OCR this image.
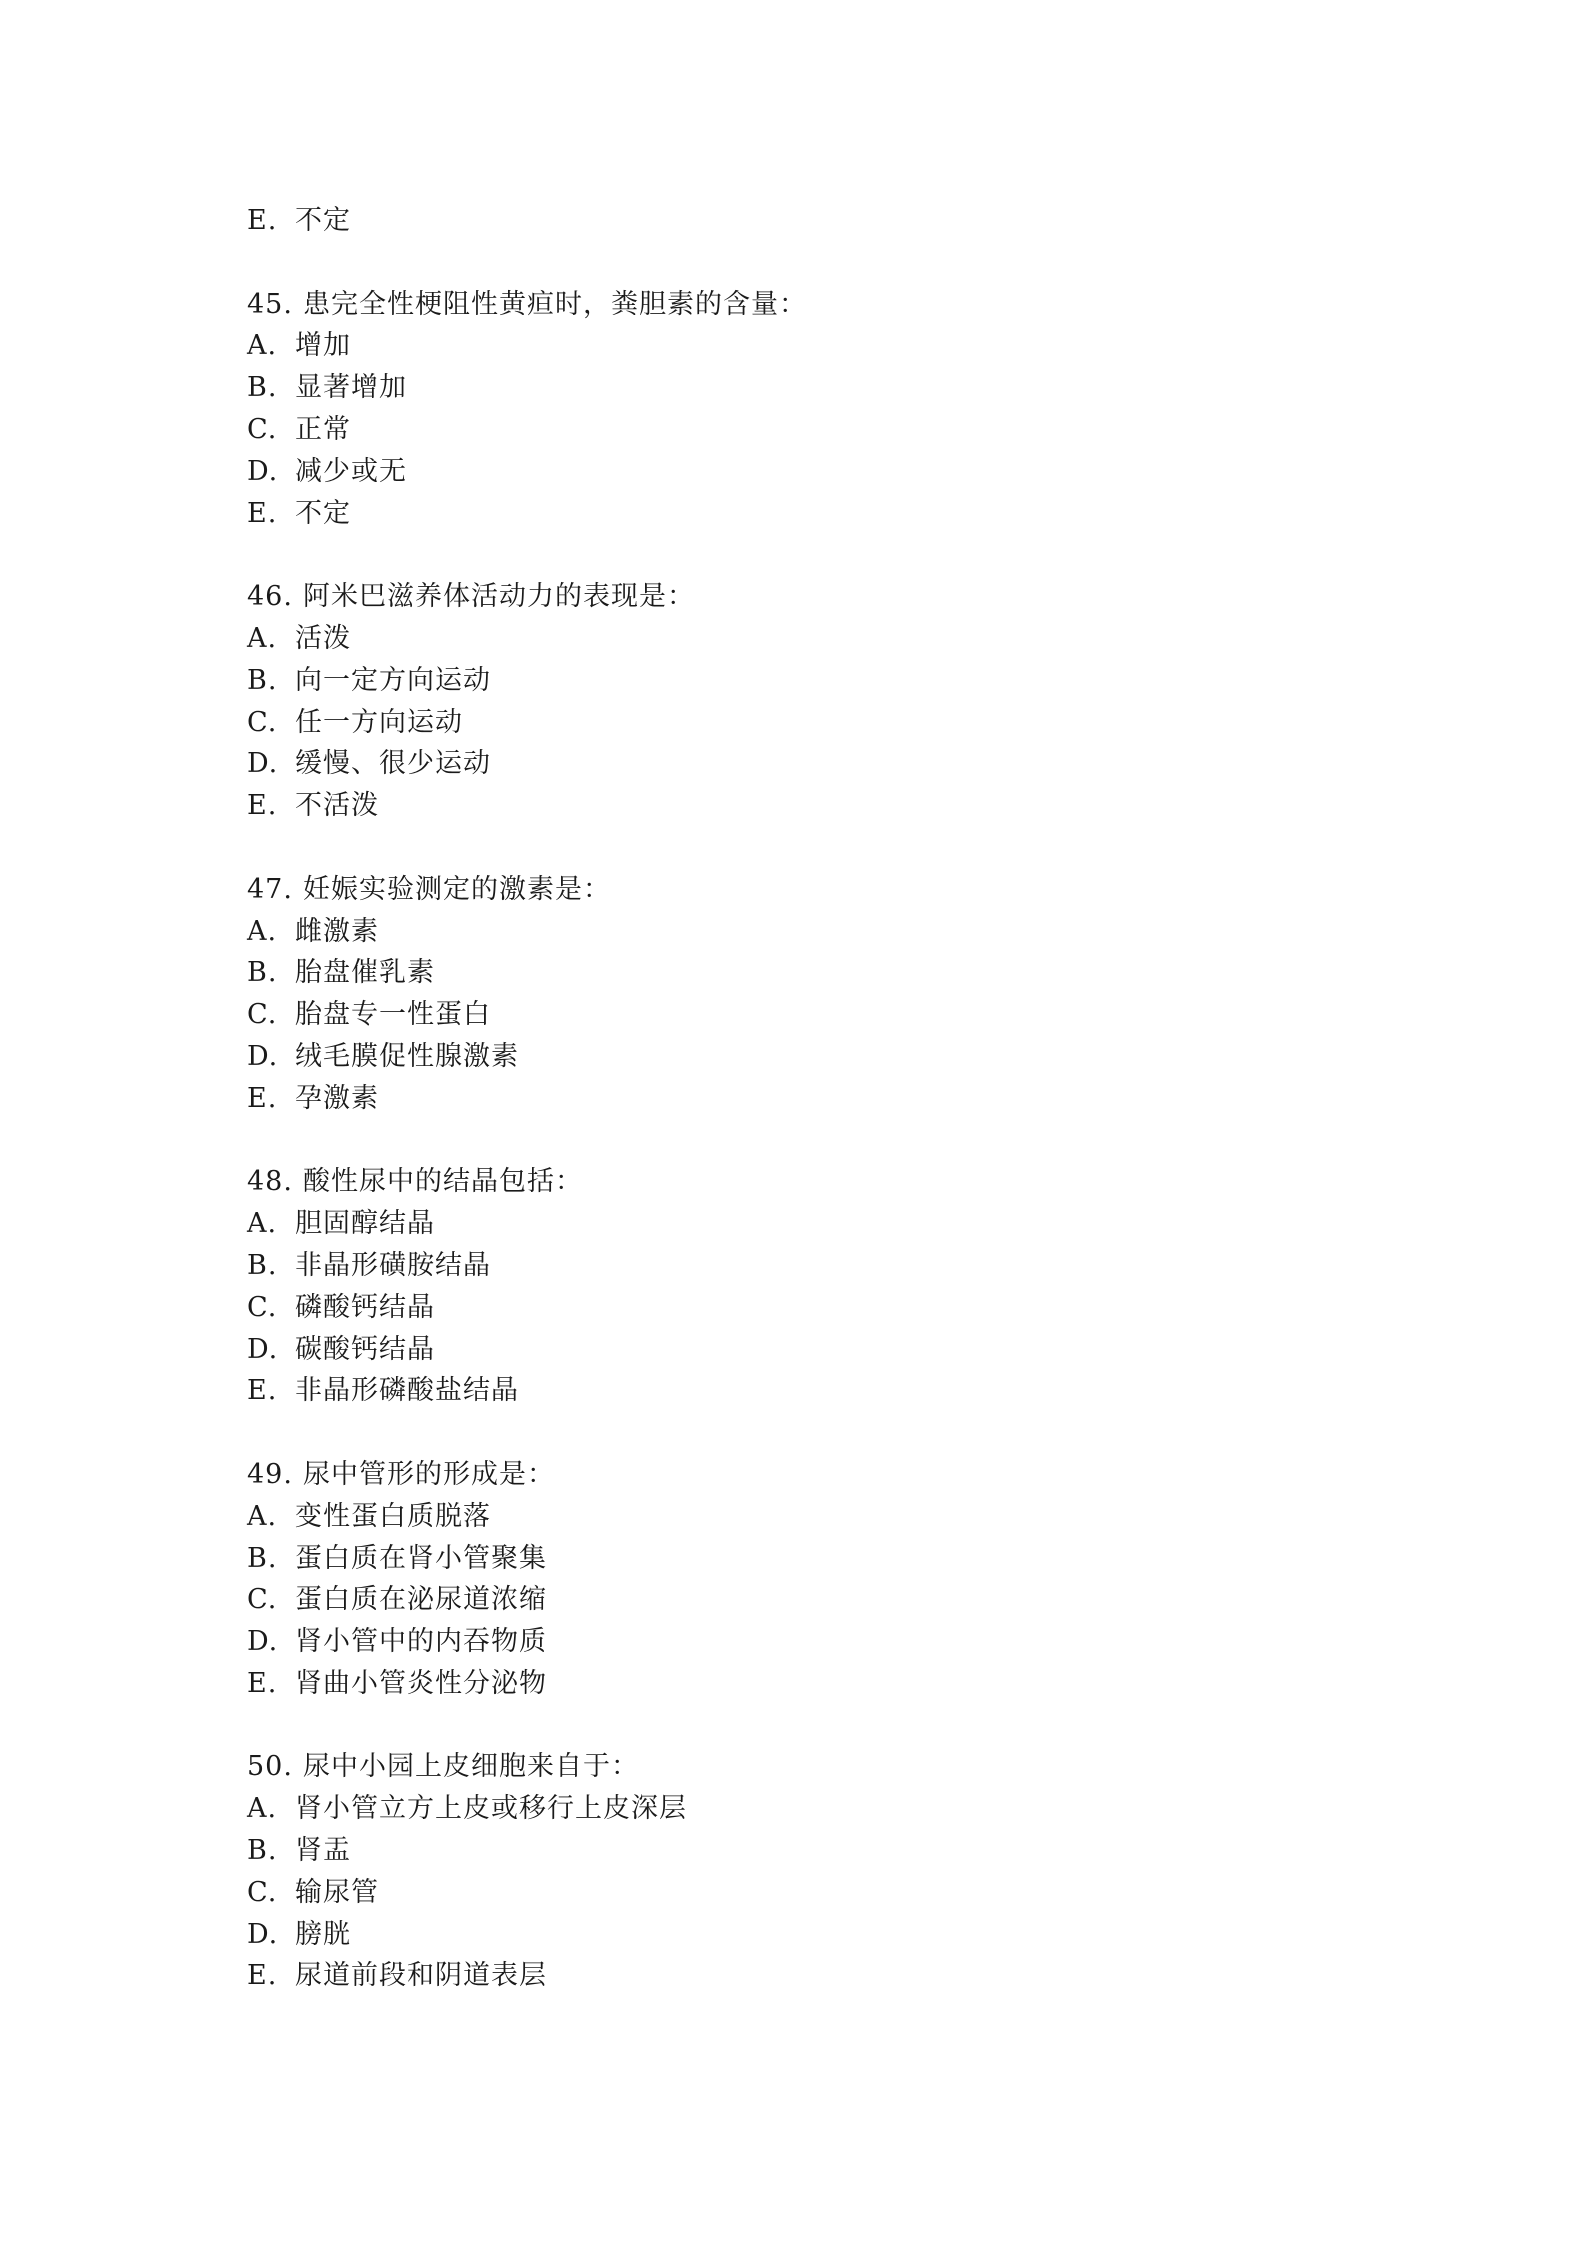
E. 不定
45. 患完全性梗阻性黄疸时，粪胆素的含量：
A. 增加
B. 显著增加
C. 正常
D. 减少或无
E. 不定
46. 阿米巴滋养体活动力的表现是：
A. 活泼
B. 向一定方向运动
C. 任一方向运动
D. 缓慢、很少运动
E. 不活泼
47. 妊娠实验测定的激素是：
A. 雌激素
B. 胎盘催乳素
C. 胎盘专一性蛋白
D. 绒毛膜促性腺激素
E. 孕激素
48. 酸性尿中的结晶包括：
A. 胆固醇结晶
B. 非晶形磺胺结晶
C. 磷酸钙结晶
D. 碳酸钙结晶
E. 非晶形磷酸盐结晶
49. 尿中管形的形成是：
A. 变性蛋白质脱落
B. 蛋白质在肾小管聚集
C. 蛋白质在泌尿道浓缩
D. 肾小管中的内吞物质
E. 肾曲小管炎性分泌物
50. 尿中小园上皮细胞来自于：
A. 肾小管立方上皮或移行上皮深层
B. 肾盂
C. 输尿管
D. 膀胱
E. 尿道前段和阴道表层
